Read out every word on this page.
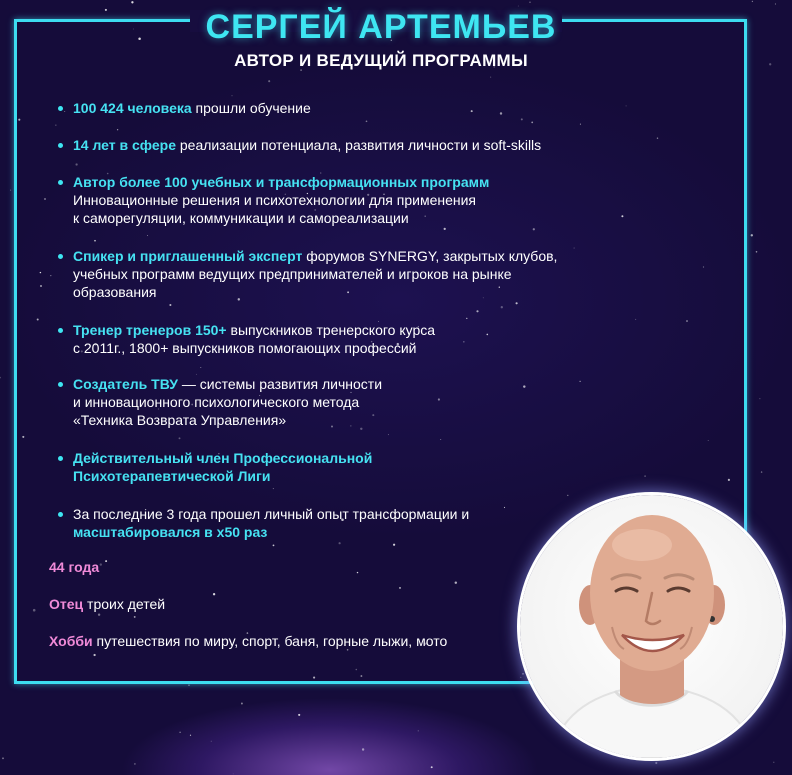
СЕРГЕЙ АРТЕМЬЕВ
АВТОР И ВЕДУЩИЙ ПРОГРАММЫ
100 424 человека прошли обучение
14 лет в сфере реализации потенциала, развития личности и soft-skills
Автор более 100 учебных и трансформационных программ
Инновационные решения и психотехнологии для применения
к саморегуляции, коммуникации и самореализации
Спикер и приглашенный эксперт форумов SYNERGY, закрытых клубов,
учебных программ ведущих предпринимателей и игроков на рынке
образования
Тренер тренеров 150+ выпускников тренерского курса
с 2011г., 1800+ выпускников помогающих профессий
Создатель ТВУ — системы развития личности
и инновационного психологического метода
«Техника Возврата Управления»
Действительный член Профессиональной
Психотерапевтической Лиги
За последние 3 года прошел личный опыт трансформации и
масштабировался в x50 раз
44 года
Отец троих детей
Хобби путешествия по миру, спорт, баня, горные лыжи, мото
